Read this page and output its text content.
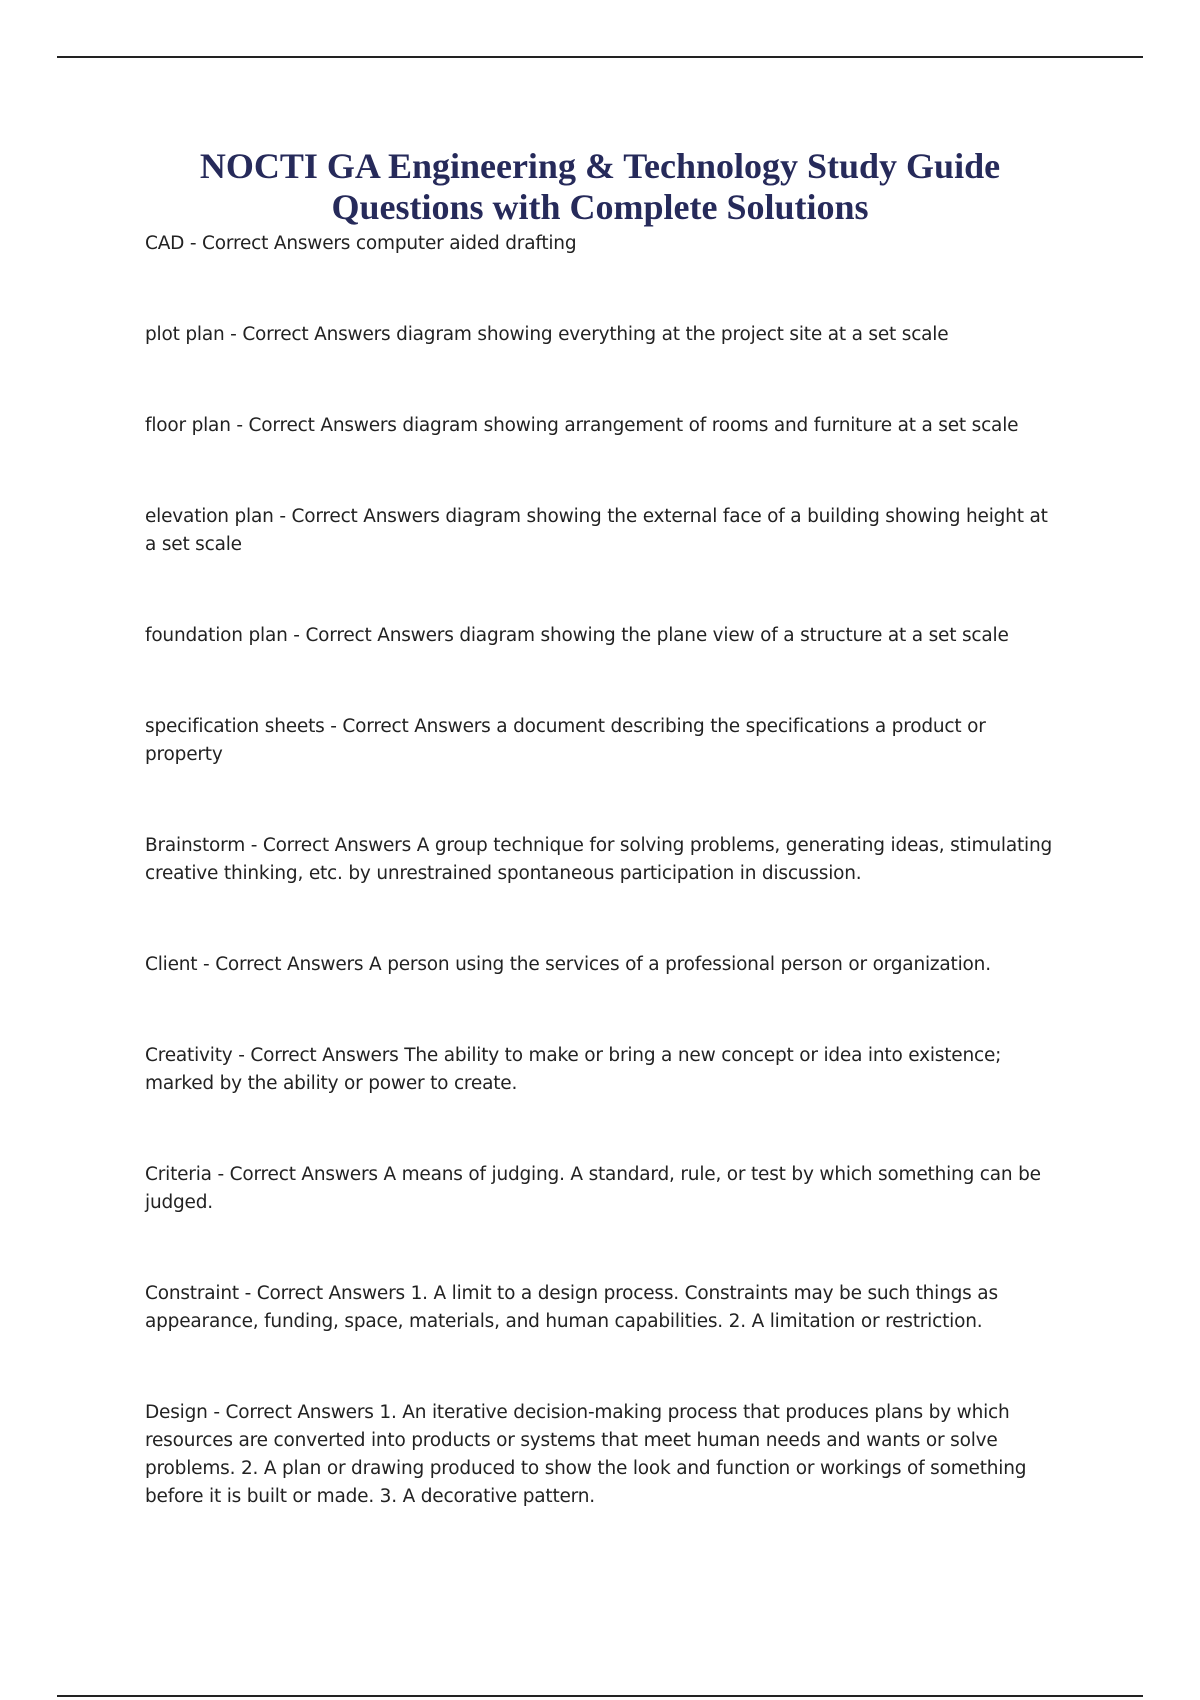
NOCTI GA Engineering & Technology Study Guide
Questions with Complete Solutions

CAD - Correct Answers computer aided drafting

plot plan - Correct Answers diagram showing everything at the project site at a set scale

floor plan - Correct Answers diagram showing arrangement of rooms and furniture at a set scale

elevation plan - Correct Answers diagram showing the external face of a building showing height at a set scale

foundation plan - Correct Answers diagram showing the plane view of a structure at a set scale

specification sheets - Correct Answers a document describing the specifications a product or property

Brainstorm - Correct Answers A group technique for solving problems, generating ideas, stimulating creative thinking, etc. by unrestrained spontaneous participation in discussion.

Client - Correct Answers A person using the services of a professional person or organization.

Creativity - Correct Answers The ability to make or bring a new concept or idea into existence; marked by the ability or power to create.

Criteria - Correct Answers A means of judging. A standard, rule, or test by which something can be judged.

Constraint - Correct Answers 1. A limit to a design process. Constraints may be such things as appearance, funding, space, materials, and human capabilities. 2. A limitation or restriction.

Design - Correct Answers 1. An iterative decision-making process that produces plans by which resources are converted into products or systems that meet human needs and wants or solve problems. 2. A plan or drawing produced to show the look and function or workings of something before it is built or made. 3. A decorative pattern.
